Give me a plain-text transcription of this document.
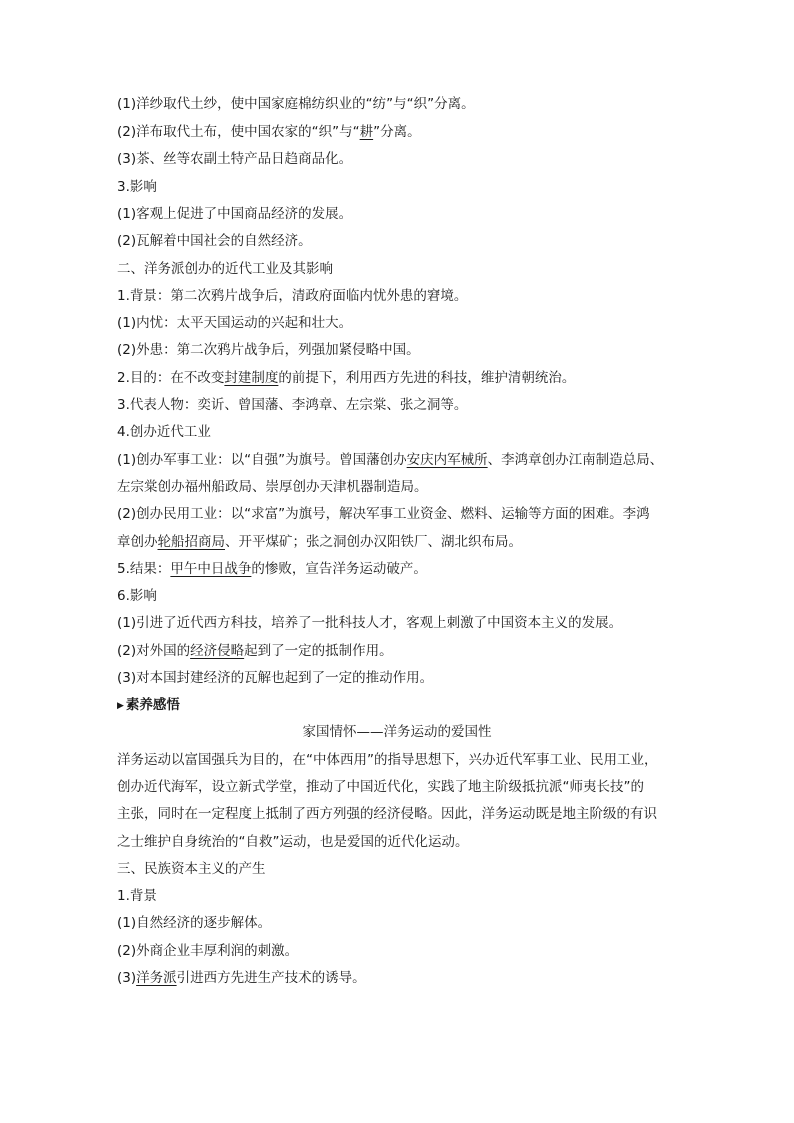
(1)洋纱取代土纱，使中国家庭棉纺织业的“纺”与“织”分离。
(2)洋布取代土布，使中国农家的“织”与“耕”分离。
(3)茶、丝等农副土特产品日趋商品化。
3.影响
(1)客观上促进了中国商品经济的发展。
(2)瓦解着中国社会的自然经济。
二、洋务派创办的近代工业及其影响
1.背景：第二次鸦片战争后，清政府面临内忧外患的窘境。
(1)内忧：太平天国运动的兴起和壮大。
(2)外患：第二次鸦片战争后，列强加紧侵略中国。
2.目的：在不改变封建制度的前提下，利用西方先进的科技，维护清朝统治。
3.代表人物：奕䜣、曾国藩、李鸿章、左宗棠、张之洞等。
4.创办近代工业
(1)创办军事工业：以“自强”为旗号。曾国藩创办安庆内军械所、李鸿章创办江南制造总局、
左宗棠创办福州船政局、崇厚创办天津机器制造局。
(2)创办民用工业：以“求富”为旗号，解决军事工业资金、燃料、运输等方面的困难。李鸿
章创办轮船招商局、开平煤矿；张之洞创办汉阳铁厂、湖北织布局。
5.结果：甲午中日战争的惨败，宣告洋务运动破产。
6.影响
(1)引进了近代西方科技，培养了一批科技人才，客观上刺激了中国资本主义的发展。
(2)对外国的经济侵略起到了一定的抵制作用。
(3)对本国封建经济的瓦解也起到了一定的推动作用。
▶ 素养感悟
家国情怀——洋务运动的爱国性
洋务运动以富国强兵为目的，在“中体西用”的指导思想下，兴办近代军事工业、民用工业，
创办近代海军，设立新式学堂，推动了中国近代化，实践了地主阶级抵抗派“师夷长技”的
主张，同时在一定程度上抵制了西方列强的经济侵略。因此，洋务运动既是地主阶级的有识
之士维护自身统治的“自救”运动，也是爱国的近代化运动。
三、民族资本主义的产生
1.背景
(1)自然经济的逐步解体。
(2)外商企业丰厚利润的刺激。
(3)洋务派引进西方先进生产技术的诱导。
